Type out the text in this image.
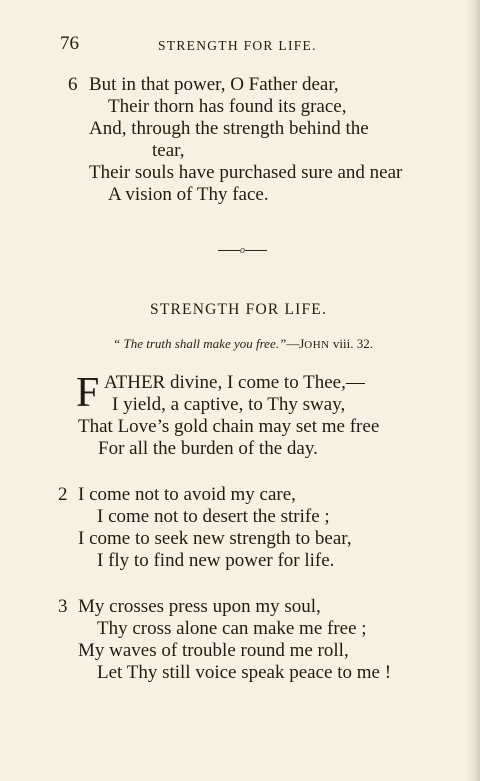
76	STRENGTH FOR LIFE.
6 But in that power, O Father dear,
Their thorn has found its grace,
And, through the strength behind the
tear,
Their souls have purchased sure and near
A vision of Thy face.
o
STRENGTH FOR LIFE.
“ The truth shall make you free.”—JOHN viii. 32.
F ATHER divine, I come to Thee,—
I yield, a captive, to Thy sway,
That Love’s gold chain may set me free
For all the burden of the day.
2 I come not to avoid my care,
I come not to desert the strife ;
I come to seek new strength to bear,
I fly to find new power for life.
3 My crosses press upon my soul,
Thy cross alone can make me free ;
My waves of trouble round me roll,
Let Thy still voice speak peace to me !
